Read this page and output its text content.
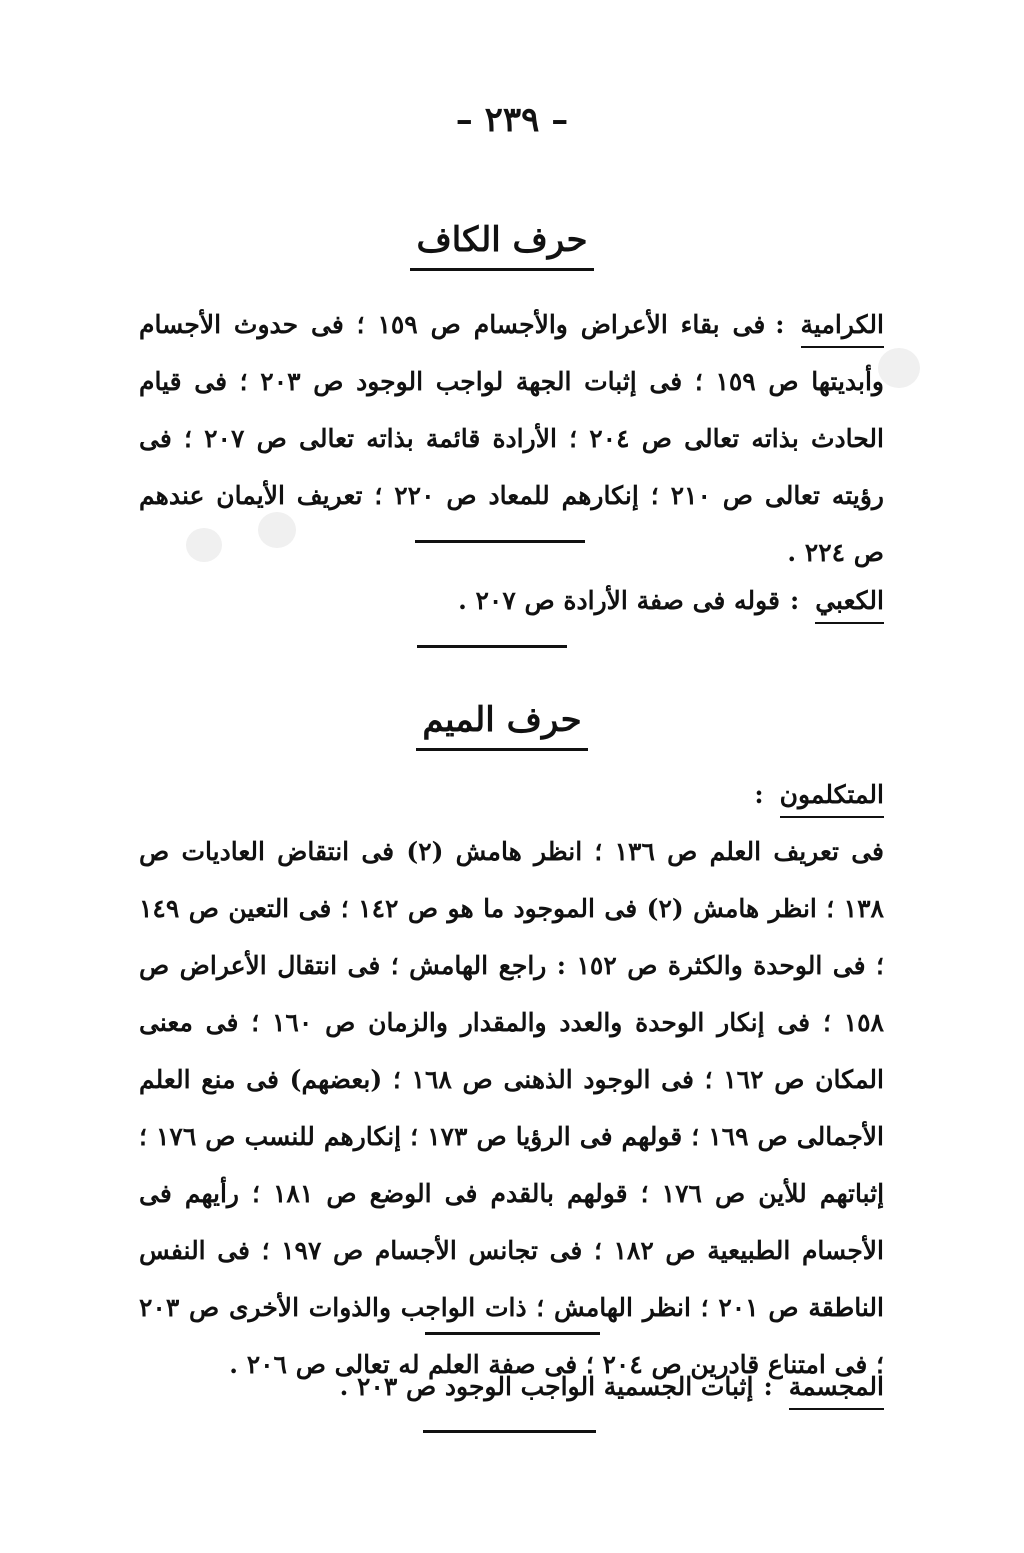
– ٢٣٩ –
حرف الكاف
الكرامية:فى بقاء الأعراض والأجسام ص ١٥٩ ؛ فى حدوث الأجسام وأبديتها ص ١٥٩ ؛ فى إثبات الجهة لواجب الوجود ص ٢٠٣ ؛ فى قيام الحادث بذاته تعالى ص ٢٠٤ ؛ الأرادة قائمة بذاته تعالى ص ٢٠٧ ؛ فى رؤيته تعالى ص ٢١٠ ؛ إنكارهم للمعاد ص ٢٢٠ ؛ تعريف الأيمان عندهم ص ٢٢٤ .
الكعبي:قوله فى صفة الأرادة ص ٢٠٧ .
حرف الميم
المتكلمون:
فى تعريف العلم ص ١٣٦ ؛ انظر هامش (٢) فى انتقاض العاديات ص ١٣٨ ؛ انظر هامش (٢) فى الموجود ما هو ص ١٤٢ ؛ فى التعين ص ١٤٩ ؛ فى الوحدة والكثرة ص ١٥٢ : راجع الهامش ؛ فى انتقال الأعراض ص ١٥٨ ؛ فى إنكار الوحدة والعدد والمقدار والزمان ص ١٦٠ ؛ فى معنى المكان ص ١٦٢ ؛ فى الوجود الذهنى ص ١٦٨ ؛ (بعضهم) فى منع العلم الأجمالى ص ١٦٩ ؛ قولهم فى الرؤيا ص ١٧٣ ؛ إنكارهم للنسب ص ١٧٦ ؛ إثباتهم للأين ص ١٧٦ ؛ قولهم بالقدم فى الوضع ص ١٨١ ؛ رأيهم فى الأجسام الطبيعية ص ١٨٢ ؛ فى تجانس الأجسام ص ١٩٧ ؛ فى النفس الناطقة ص ٢٠١ ؛ انظر الهامش ؛ ذات الواجب والذوات الأخرى ص ٢٠٣ ؛ فى امتناع قادرين ص ٢٠٤ ؛ فى صفة العلم له تعالى ص ٢٠٦ .
المجسمة:إثبات الجسمية الواجب الوجود ص ٢٠٣ .
